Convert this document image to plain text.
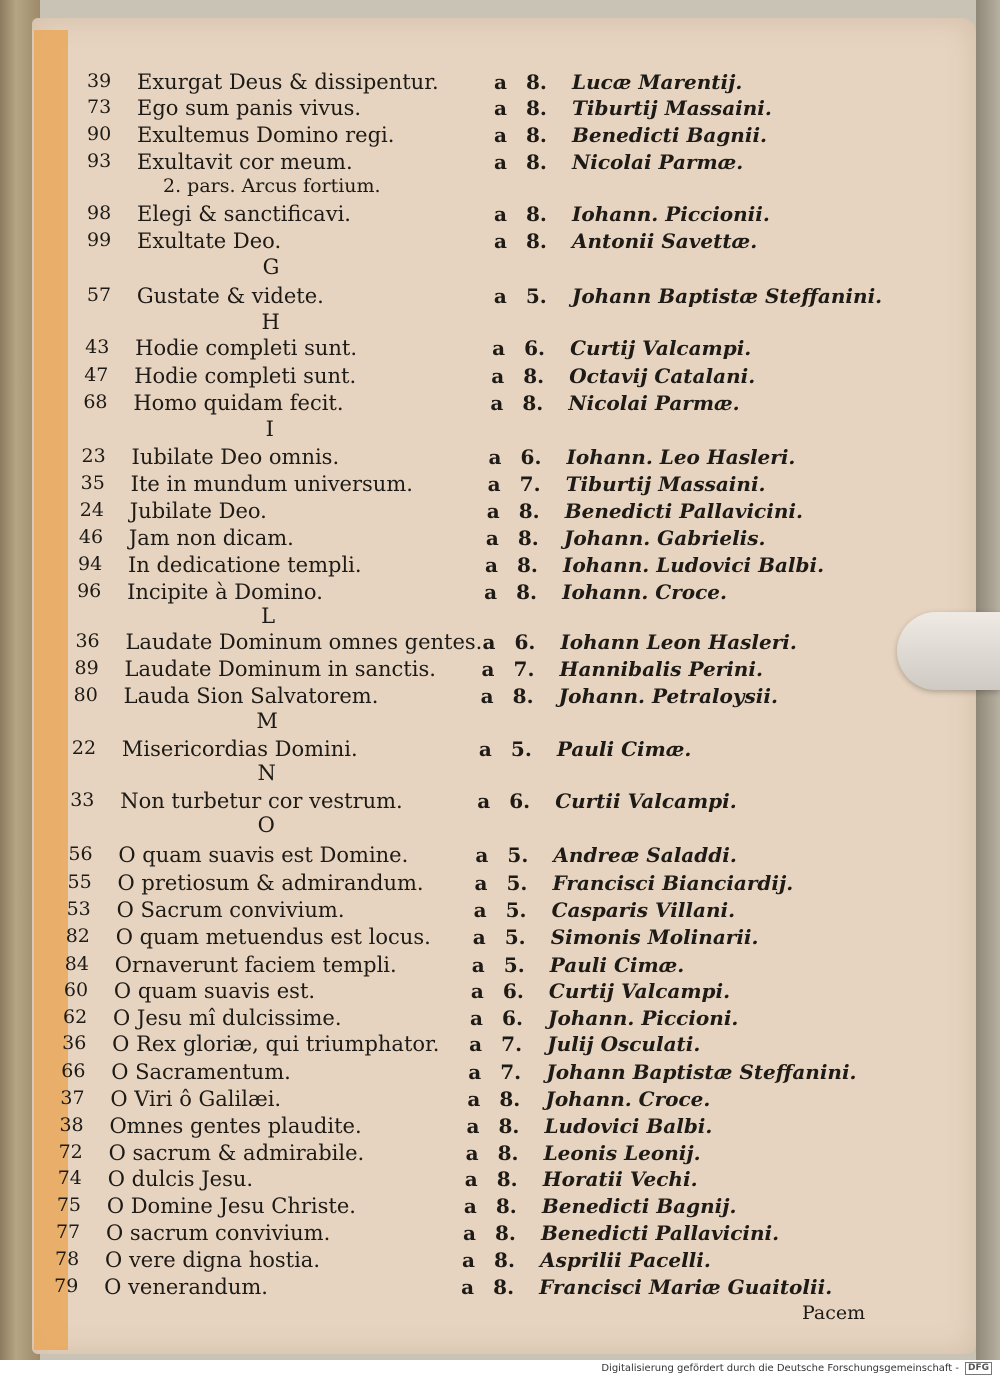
39 Exurgat Deus & dissipentur.	a 8. Lucæ Marentij.
73 Ego sum panis vivus.	a 8. Tiburtij Massaini.
90 Exultemus Domino regi.	a 8. Benedicti Bagnii.
93 Exultavit cor meum.	a 8. Nicolai Parmæ.
2. pars. Arcus fortium.
98 Elegi & sanctificavi.	a 8. Iohann. Piccionii.
99 Exultate Deo.	a 8. Antonii Savettæ.
G
57 Gustate & videte.	a 5. Johann Baptistæ Steffanini.
H
43 Hodie completi sunt.	a 6. Curtij Valcampi.
47 Hodie completi sunt.	a 8. Octavij Catalani.
68 Homo quidam fecit.	a 8. Nicolai Parmæ.
I
23 Iubilate Deo omnis.	a 6. Iohann. Leo Hasleri.
35 Ite in mundum universum.	a 7. Tiburtij Massaini.
24 Jubilate Deo.	a 8. Benedicti Pallavicini.
46 Jam non dicam.	a 8. Johann. Gabrielis.
94 In dedicatione templi.	a 8. Iohann. Ludovici Balbi.
96 Incipite à Domino.	a 8. Iohann. Croce.
L
36 Laudate Dominum omnes gentes. a 6. Iohann Leon Hasleri.
89 Laudate Dominum in sanctis. a 7. Hannibalis Perini.
80 Lauda Sion Salvatorem.	a 8. Johann. Petraloysii.
M
22 Misericordias Domini.	a 5. Pauli Cimæ.
N
33 Non turbetur cor vestrum.	a 6. Curtii Valcampi.
O
56 O quam suavis est Domine.	a 5. Andreæ Saladdi.
55 O pretiosum & admirandum.	a 5. Francisci Bianciardij.
53 O Sacrum convivium.	a 5. Casparis Villani.
82 O quam metuendus est locus. a 5. Simonis Molinarii.
84 Ornaverunt faciem templi.	a 5. Pauli Cimæ.
60 O quam suavis est.	a 6. Curtij Valcampi.
62 O Jesu mî dulcissime.	a 6. Johann. Piccioni.
36 O Rex gloriæ, qui triumphator. a 7. Julij Osculati.
66 O Sacramentum.	a 7. Johann Baptistæ Steffanini.
37 O Viri ô Galilæi.	a 8. Johann. Croce.
38 Omnes gentes plaudite.	a 8. Ludovici Balbi.
72 O sacrum & admirabile.	a 8. Leonis Leonij.
74 O dulcis Jesu.	a 8. Horatii Vechi.
75 O Domine Jesu Christe.	a 8. Benedicti Bagnij.
77 O sacrum convivium.	a 8. Benedicti Pallavicini.
78 O vere digna hostia.	a 8. Asprilii Pacelli.
79 O venerandum.	a 8. Francisci Mariæ Guaitolii.
Pacem
Digitalisierung gefördert durch die Deutsche Forschungsgemeinschaft -	DFG
